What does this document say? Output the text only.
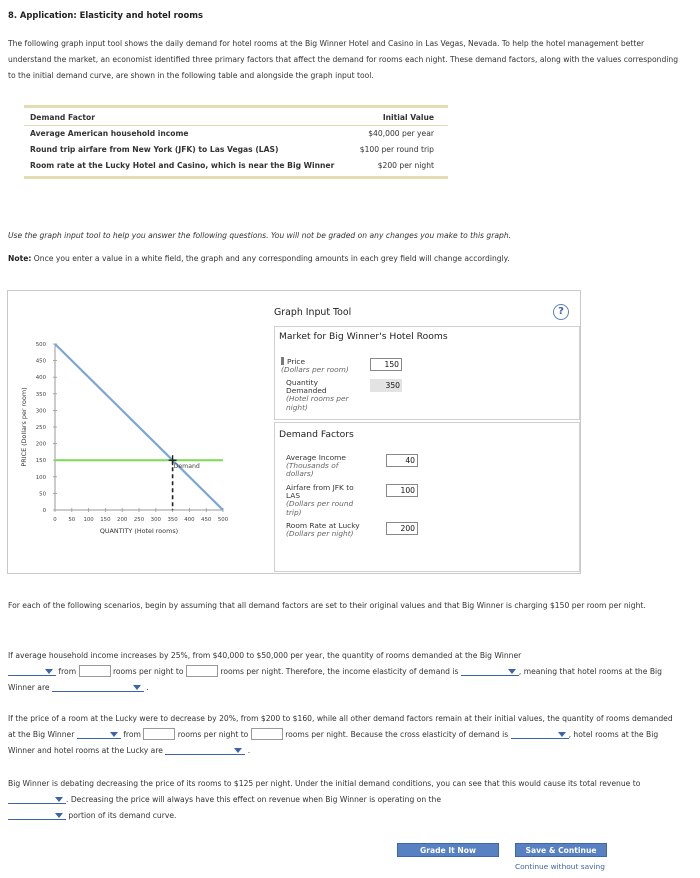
8. Application: Elasticity and hotel rooms
The following graph input tool shows the daily demand for hotel rooms at the Big Winner Hotel and Casino in Las Vegas, Nevada. To help the hotel management better understand the market, an economist identified three primary factors that affect the demand for rooms each night. These demand factors, along with the values corresponding to the initial demand curve, are shown in the following table and alongside the graph input tool.
Demand Factor	Initial Value
Average American household income	$40,000 per year
Round trip airfare from New York (JFK) to Las Vegas (LAS)	$100 per round trip
Room rate at the Lucky Hotel and Casino, which is near the Big Winner	$200 per night
Use the graph input tool to help you answer the following questions. You will not be graded on any changes you make to this graph.
Note: Once you enter a value in a white field, the graph and any corresponding amounts in each grey field will change accordingly.
0
50
100
150
200
250
300
350
400
450
500
0 50 100 150 200 250 300 350 400 450 500
QUANTITY (Hotel rooms)
PRICE (Dollars per room)
Demand
Graph Input Tool	?
Market for Big Winner's Hotel Rooms
Price
(Dollars per room)
150
Quantity
Demanded
(Hotel rooms per
night)
350
Demand Factors
Average Income
(Thousands of
dollars)
40
Airfare from JFK to
LAS
(Dollars per round
trip)
100
Room Rate at Lucky
(Dollars per night)
200
For each of the following scenarios, begin by assuming that all demand factors are set to their original values and that Big Winner is charging $150 per room per night.
If average household income increases by 25%, from $40,000 to $50,000 per year, the quantity of rooms demanded at the Big Winner
from	rooms per night to	rooms per night. Therefore, the income elasticity of demand is	, meaning that hotel rooms at the Big Winner are	.
If the price of a room at the Lucky were to decrease by 20%, from $200 to $160, while all other demand factors remain at their initial values, the quantity of rooms demanded at the Big Winner	from	rooms per night to	rooms per night. Because the cross elasticity of demand is	, hotel rooms at the Big Winner and hotel rooms at the Lucky are	.
Big Winner is debating decreasing the price of its rooms to $125 per night. Under the initial demand conditions, you can see that this would cause its total revenue to . Decreasing the price will always have this effect on revenue when Big Winner is operating on the
portion of its demand curve.
Grade It Now	Save & Continue
Continue without saving
